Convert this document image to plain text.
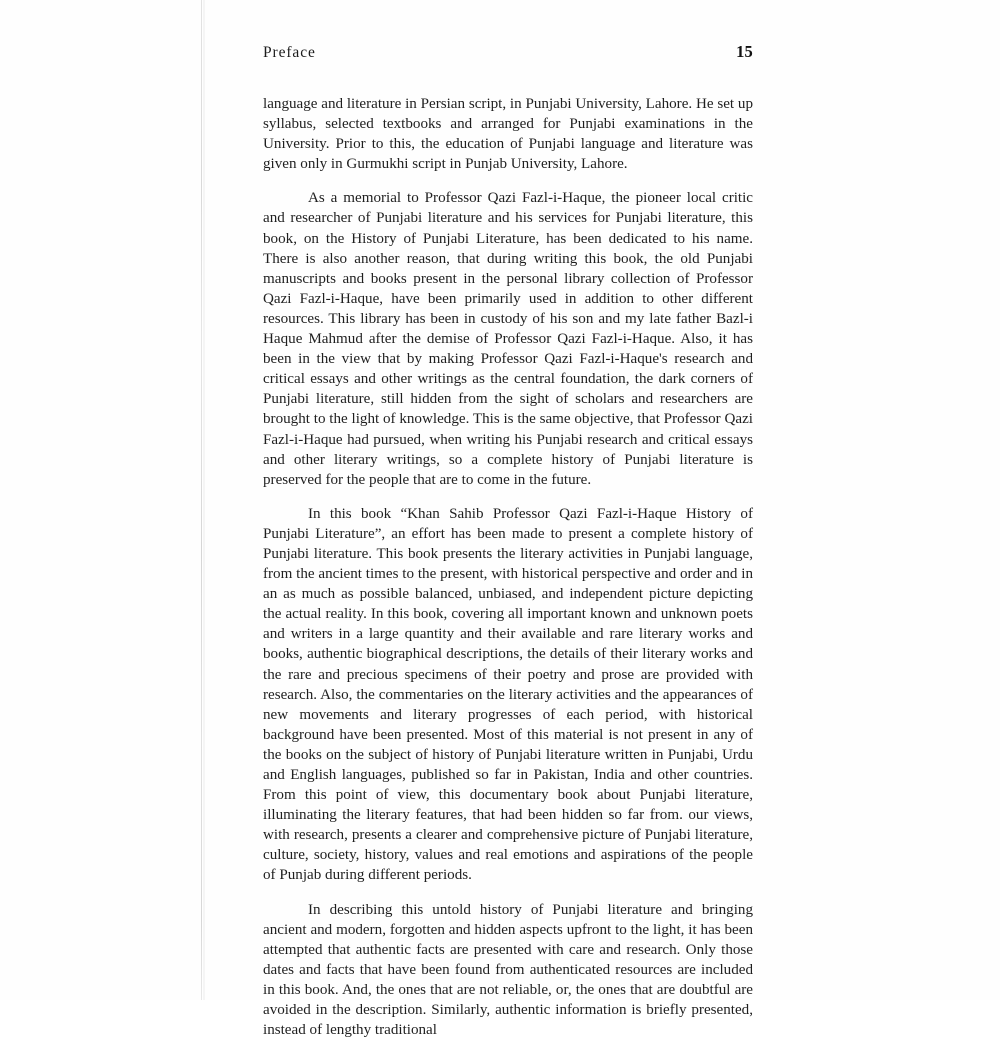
Preface	15

language and literature in Persian script, in Punjabi University, Lahore. He set up syllabus, selected textbooks and arranged for Punjabi examinations in the University. Prior to this, the education of Punjabi language and literature was given only in Gurmukhi script in Punjab University, Lahore.

As a memorial to Professor Qazi Fazl-i-Haque, the pioneer local critic and researcher of Punjabi literature and his services for Punjabi literature, this book, on the History of Punjabi Literature, has been dedicated to his name. There is also another reason, that during writing this book, the old Punjabi manuscripts and books present in the personal library collection of Professor Qazi Fazl-i-Haque, have been primarily used in addition to other different resources. This library has been in custody of his son and my late father Bazl-i Haque Mahmud after the demise of Professor Qazi Fazl-i-Haque. Also, it has been in the view that by making Professor Qazi Fazl-i-Haque's research and critical essays and other writings as the central foundation, the dark corners of Punjabi literature, still hidden from the sight of scholars and researchers are brought to the light of knowledge. This is the same objective, that Professor Qazi Fazl-i-Haque had pursued, when writing his Punjabi research and critical essays and other literary writings, so a complete history of Punjabi literature is preserved for the people that are to come in the future.

In this book “Khan Sahib Professor Qazi Fazl-i-Haque History of Punjabi Literature”, an effort has been made to present a complete history of Punjabi literature. This book presents the literary activities in Punjabi language, from the ancient times to the present, with historical perspective and order and in an as much as possible balanced, unbiased, and independent picture depicting the actual reality. In this book, covering all important known and unknown poets and writers in a large quantity and their available and rare literary works and books, authentic biographical descriptions, the details of their literary works and the rare and precious specimens of their poetry and prose are provided with research. Also, the commentaries on the literary activities and the appearances of new movements and literary progresses of each period, with historical background have been presented. Most of this material is not present in any of the books on the subject of history of Punjabi literature written in Punjabi, Urdu and English languages, published so far in Pakistan, India and other countries. From this point of view, this documentary book about Punjabi literature, illuminating the literary features, that had been hidden so far from. our views, with research, presents a clearer and comprehensive picture of Punjabi literature, culture, society, history, values and real emotions and aspirations of the people of Punjab during different periods.

In describing this untold history of Punjabi literature and bringing ancient and modern, forgotten and hidden aspects upfront to the light, it has been attempted that authentic facts are presented with care and research. Only those dates and facts that have been found from authenticated resources are included in this book. And, the ones that are not reliable, or, the ones that are doubtful are avoided in the description. Similarly, authentic information is briefly presented, instead of lengthy traditional
